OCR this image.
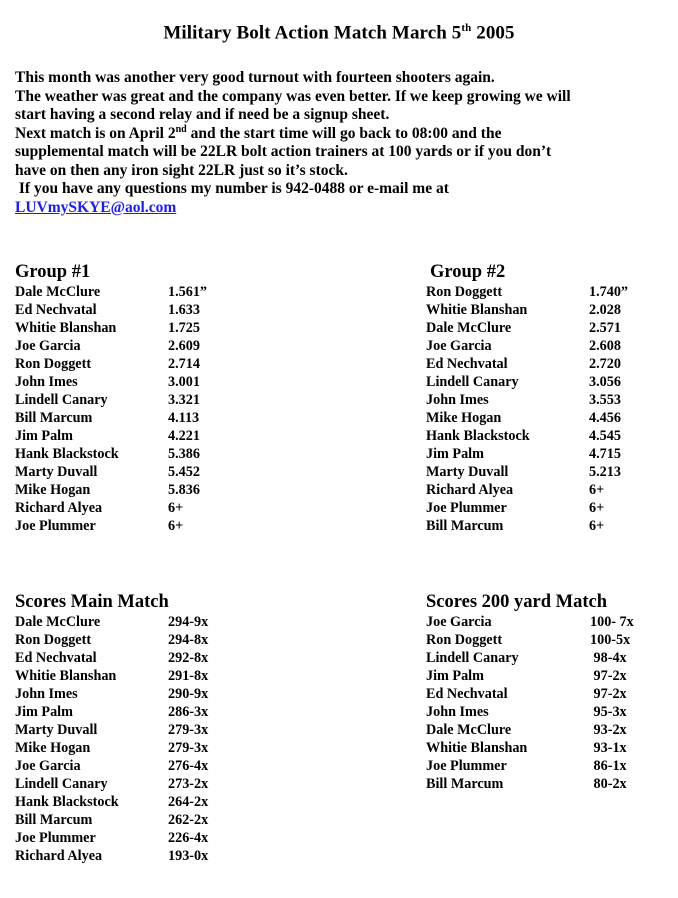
Military Bolt Action Match March 5th 2005
This month was another very good turnout with fourteen shooters again.
The weather was great and the company was even better. If we keep growing we will
start having a second relay and if need be a signup sheet.
Next match is on April 2nd and the start time will go back to 08:00 and the
supplemental match will be 22LR bolt action trainers at 100 yards or if you don’t
have on then any iron sight 22LR just so it’s stock.
If you have any questions my number is 942-0488 or e-mail me at
LUVmySKYE@aol.com
Group #1
Dale McClure	1.561”
Ed Nechvatal	1.633
Whitie Blanshan	1.725
Joe Garcia	2.609
Ron Doggett	2.714
John Imes	3.001
Lindell Canary	3.321
Bill Marcum	4.113
Jim Palm	4.221
Hank Blackstock	5.386
Marty Duvall	5.452
Mike Hogan	5.836
Richard Alyea	6+
Joe Plummer	6+
Group #2
Ron Doggett	1.740”
Whitie Blanshan	2.028
Dale McClure	2.571
Joe Garcia	2.608
Ed Nechvatal	2.720
Lindell Canary	3.056
John Imes	3.553
Mike Hogan	4.456
Hank Blackstock	4.545
Jim Palm	4.715
Marty Duvall	5.213
Richard Alyea	6+
Joe Plummer	6+
Bill Marcum	6+
Scores Main Match
Dale McClure	294-9x
Ron Doggett	294-8x
Ed Nechvatal	292-8x
Whitie Blanshan	291-8x
John Imes	290-9x
Jim Palm	286-3x
Marty Duvall	279-3x
Mike Hogan	279-3x
Joe Garcia	276-4x
Lindell Canary	273-2x
Hank Blackstock	264-2x
Bill Marcum	262-2x
Joe Plummer	226-4x
Richard Alyea	193-0x
Scores 200 yard Match
Joe Garcia	100- 7x
Ron Doggett	100-5x
Lindell Canary	98-4x
Jim Palm	97-2x
Ed Nechvatal	97-2x
John Imes	95-3x
Dale McClure	93-2x
Whitie Blanshan	93-1x
Joe Plummer	86-1x
Bill Marcum	80-2x
